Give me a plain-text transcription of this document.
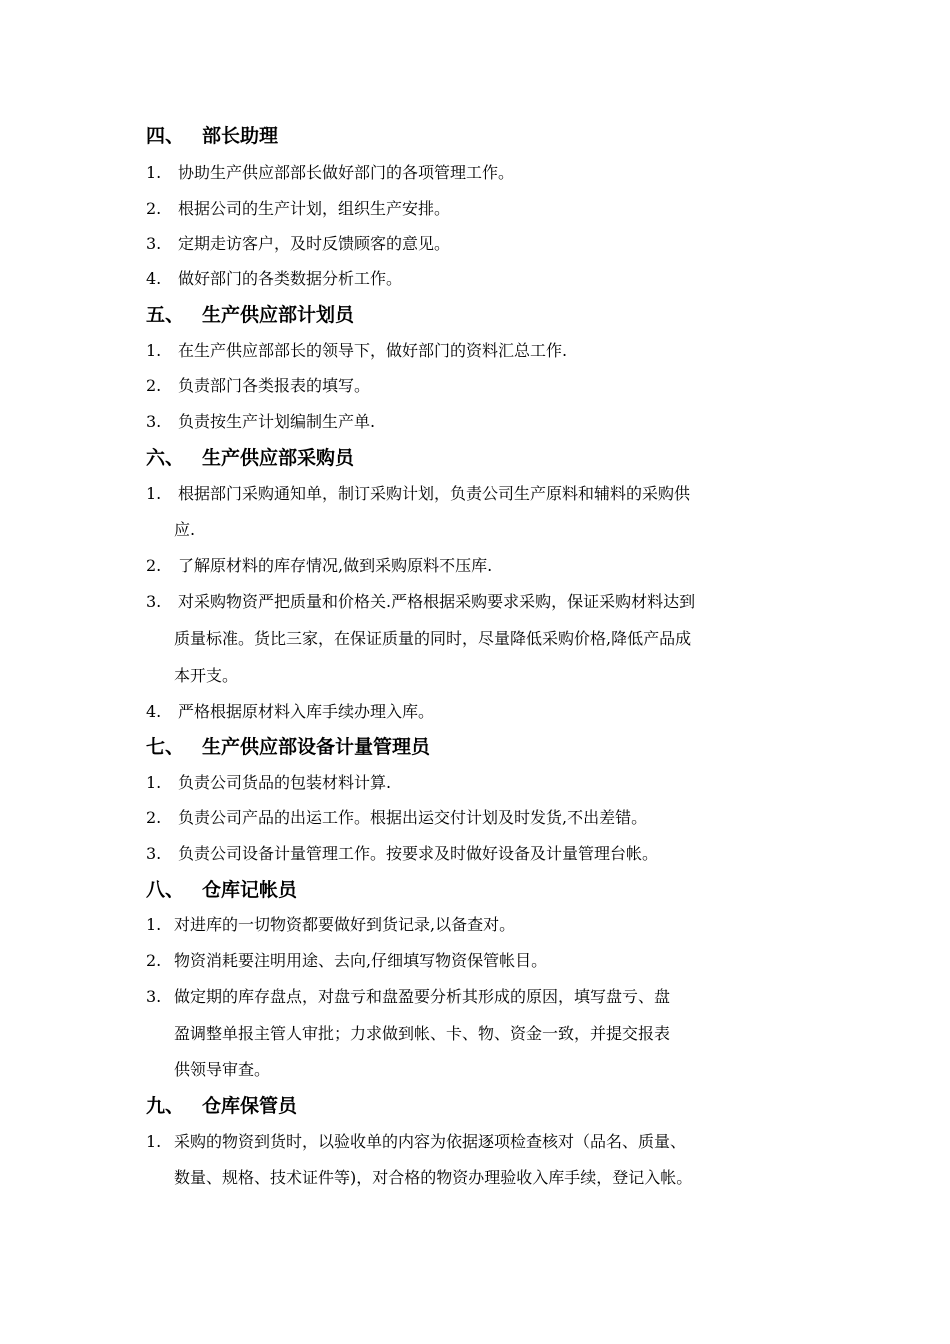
四、 部长助理
1. 协助生产供应部部长做好部门的各项管理工作。
2. 根据公司的生产计划，组织生产安排。
3. 定期走访客户，及时反馈顾客的意见。
4. 做好部门的各类数据分析工作。
五、 生产供应部计划员
1. 在生产供应部部长的领导下，做好部门的资料汇总工作.
2. 负责部门各类报表的填写。
3. 负责按生产计划编制生产单.
六、 生产供应部采购员
1. 根据部门采购通知单，制订采购计划，负责公司生产原料和辅料的采购供
应.
2. 了解原材料的库存情况,做到采购原料不压库.
3. 对采购物资严把质量和价格关.严格根据采购要求采购，保证采购材料达到
质量标准。货比三家，在保证质量的同时，尽量降低采购价格,降低产品成
本开支。
4. 严格根据原材料入库手续办理入库。
七、 生产供应部设备计量管理员
1. 负责公司货品的包装材料计算.
2. 负责公司产品的出运工作。根据出运交付计划及时发货,不出差错。
3. 负责公司设备计量管理工作。按要求及时做好设备及计量管理台帐。
八、 仓库记帐员
1. 对进库的一切物资都要做好到货记录,以备查对。
2. 物资消耗要注明用途、去向,仔细填写物资保管帐目。
3. 做定期的库存盘点，对盘亏和盘盈要分析其形成的原因，填写盘亏、盘
盈调整单报主管人审批；力求做到帐、卡、物、资金一致，并提交报表
供领导审查。
九、 仓库保管员
1. 采购的物资到货时，以验收单的内容为依据逐项检查核对（品名、质量、
数量、规格、技术证件等)，对合格的物资办理验收入库手续，登记入帐。
